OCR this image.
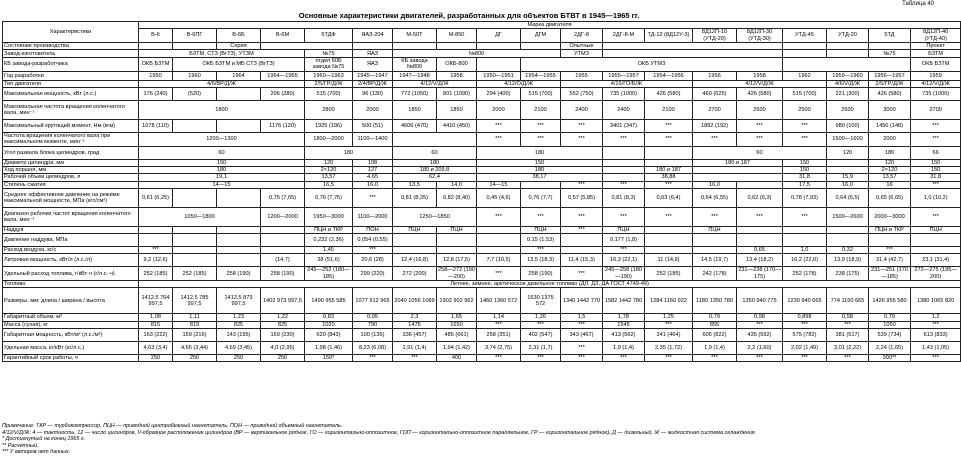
Таблица 40
Основные характеристики двигателей, разработанных для объектов БТВТ в 1945—1965 гг.
Характеристики	Марка двигателя																		
	В-6	В-6ПГ	В-6Б	В-6М	5ТДФ	ЯАЗ-204	М-50Т	М-850	ДГ	ДГМ	2ДГ-8	2ДГ-8-М	ТД-12 (8Д12У-3)	8Д12П-10 (УТД-20)	8Д12П-30 (УТД-30)	УТД-45	УТД-20	5ТД	8Д12П-40 (УТД-40)
Состояние производства			Серия								Опытные								Проект
Завод-изготовитель	БЗТМ, СТЗ (ВгТЗ), УТЗМ				№75	ЯАЗ	№800				УТМЗ							№75	БЗТМ
КБ завода-разработчика	ОКБ БЗТМ	ОКБ БЗТМ и МБ СТЗ (ВгТЗ)			отдел 60Б завода №75	ЯАЗ	КБ завода №800	ОКБ-800		ОКБ УТМЗ									ОКБ БЗТМ
Год разработки	1950	1960	1964	1964—1965	1960—1963	1945—1947	1947—1948	1958	1950—1951	1954—1955	1955	1955—1957	1954—1956	1956	1958	1962	1959—1960	1956—1957	1959
Тип двигателя	4/6/ВР/Д/Ж				2/5/ГР/Д/Ж	2/4/ВР/Д/Ж	4/12/V/Д/Ж		4/12/О/Д/Ж		4/16/ГО/Б/Ж			4/12/V/Д/Ж			4/6/V/Д/Ж	2/5/ГР/Д/Ж	4/12/V/Д/Ж
Максимальная мощность, кВт (л.с.)	176 (240)	(520)		206 (280)	515 (700)	96 (130)	772 (1050)	801 (1090)	294 (400)	515 (700)	552 (750)	735 (1000)	426 (580)	460 (625)	426 (580)	515 (700)	221 (300)	426 (580)	735 (1000)
Максимальная частота вращения коленчатого вала, мин⁻¹	1800				2800	2000	1850	1850	2000	2100	2400	2400	2100	2700	2600	2500	2600	3000	2700
Максимальный крутящий момент, Нм (кгм)	1078 (110)			1176 (120)	1925 (196)	500 (51)	4606 (470)	4410 (450)	***	***	***	3401 (347)	***	1882 (192)	***	***	980 (100)	1450 (148)	***
Частота вращения коленчатого вала при максимальном моменте, мин⁻¹	1200—1300				1800—2000	1100—1400			***	***	***	***	***	***	***	***	1500—1600	2000	***
Угол развала блока цилиндров, град	60				180		60		180					60			120	180	66
Диаметр цилиндра, мм	150				120	108	180		150					180 и 187		150		120	150
Ход поршня, мм	180				2×120	127	180 и 209,8		180				180 и 187			150		2×120	150
Рабочий объем цилиндров, л	19,1				13,57	4,65	62,4		38,17				38,88			31,8	15,9	13,57	31,8
Степень сжатия	14—15				16,5	16,0	13,5	14,0	14—15		***	***	***	16,0		17,5	16,0	16	***
Среднее эффективное давление на режиме максимальной мощности, МПа (кгс/см²)	0,61 (6,25)			0,75 (7,65)	0,76 (7,75)	***	0,81 (8,25)	0,82 (8,40)	0,45 (4,6)	0,76 (7,7)	0,57 (5,85)	0,81 (8,3)	0,63 (6,4)	0,64 (6,55)	0,62 (6,3)	0,78 (7,93)	0,64 (6,5)	0,65 (6,65)	1,0 (10,2)
Диапазон рабочих частот вращения коленчатого вала, мин⁻¹	1050—1800			1200—2000	1950—3000	1100—2000	1250—1850		***	***	***	***	***	***	***	***	1500—2600	2000—3000	***
Наддув					ПЦН и ТКР	ПОН	ПЦН	ПЦН		ПЦН	***	ПЦН		ПЦН				ПЦН и ТКР	ПЦН
Давление наддува, МПа					0,232 (2,36)	0,054 (0,55)				0,15 (1,53)		0,177 (1,8)							
Расход воздуха, кг/с	***				1,45	***				***		***			0,65	1,0	0,32	***	
Литровая мощность, кВт/л (л.с./л)	9,2 (12,6)			(14,7)	38 (51,6)	20,6 (28)	12,4 (16,8)	12,8 (17,5)	7,7 (10,5)	13,5 (18,3)	11,4 (15,3)	16,3 (22,1)	11 (14,9)	14,5 (19,7)	13,4 (18,2)	16,2 (22,0)	13,9 (18,9)	31,4 (42,7)	23,1 (31,4)
Удельный расход топлива, г/кВт·ч (г/л.с.·ч)	252 (185)	252 (185)	258 (190)	258 (190)	245—252 (180—185)	299 (220)	272 (200)	258—272 (190—200)	***	258 (190)	***	245—258 (180—190)	252 (185)	242 (178)	231—238 (170—175)	252 (178)	238 (175)	231—251 (170—185)	272—275 (195—200)
Топливо	Летнее, зимнее, арктическое дизельное топливо (ДЛ, ДЗ, ДА ГОСТ 4749-49)																		
Размеры, мм: длина / ширина / высота	1412,5 764 997,5	1412,5 785 997,5	1412,5 873 997,5	1402 973 997,5	1490 955 585	1077 912 965	2040 1056 1089	1902 902 962	1460 1360 572	1630 1375 572	1340 1442 770	1582 1442 780	1284 1160 922	1180 1350 780	1350 940 775	1230 940 665	774 1150 665	1426 955 580	1380 1065 820
Габаритный объем, м³	1,08	1,11	1,23	1,22	0,83	0,95	2,3	1,65	1,14	1,26	1,5	1,78	1,25	0,79	0,98	0,898	0,58	0,79	1,2
Масса (сухая), кг	815	819	825	825	1020	790	1475	1650	***	***	***	1545	***	855	***	***	***	1050	***
Габаритная мощность, кВт/м³ (л.с./м³)	163 (222)	159 (216)	143 (195)	169 (230)	620 (843)	100 (136)	336 (457)	485 (661)	258 (351)	402 (547)	343 (467)	413 (562)	341 (464)	605 (822)	435 (592)	575 (782)	381 (517)	539 (734)	613 (833)
Удельная масса, кг/кВт (кг/л.с.)	4,63 (3,4)	4,65 (3,44)	4,69 (3,45)	4,0 (2,95)	1,98 (1,46)	8,23 (6,08)	1,91 (1,4)	1,94 (1,42)	3,74 (2,75)	2,31 (1,7)	***	1,9 (1,4)	2,35 (1,72)	1,9 (1,4)	2,2 (1,60)	2,02 (1,49)	3,01 (2,22)	2,24 (1,65)	1,43 (1,05)
Гарантийный срок работы, ч	250	250	250	250	150*	***	***	400	***	***	***	***	***	***	***	***	***	300**	***
Примечание: ТКР — турбокомпрессор, ПЦН — приводной центробежный нагнетатель, ПОН — приводной объемный нагнетатель.
4/12/V/Д/Ж: 4 — тактность, 12 — число цилиндров, V-образное расположение цилиндров (ВР — вертикальное рядное, ГО — горизонтально-оппозитное, ГОП — горизонтально-оппозитное параллельное, ГР — горизонтальное рядное), Д — дизельный, Ж — жидкостная система охлаждения.
* Достигнутый на конец 1965 г.
** Расчетный.
*** У авторов нет данных.
